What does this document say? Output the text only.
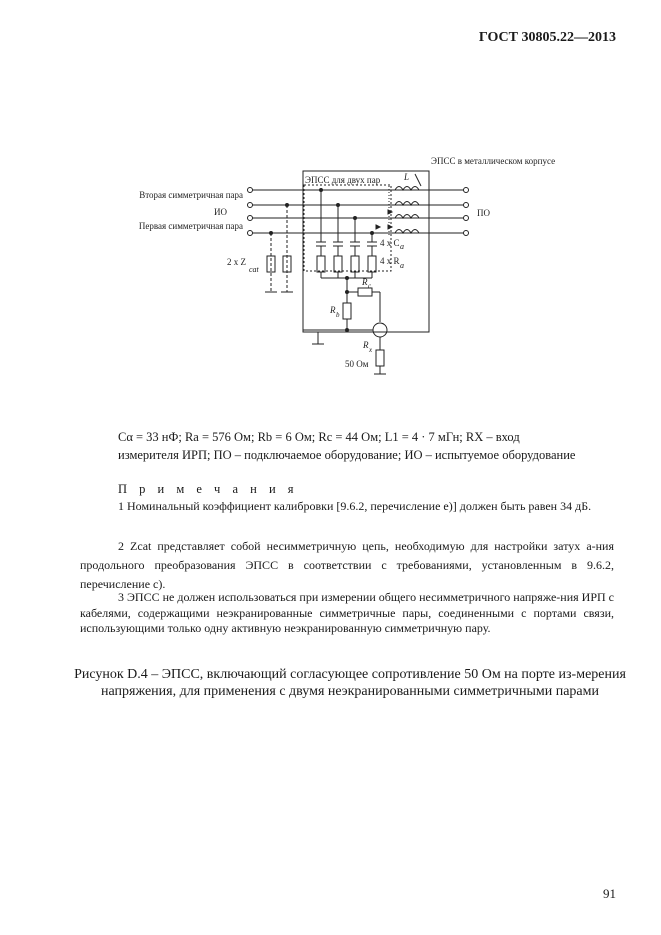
ГОСТ 30805.22—2013
ЭПСС в металлическом корпусе
ЭПСС для двух пар	L
Вторая симметричная пара
ИО
Первая симметричная пара
ПО
2 x Z
cat
4 x C a
4 x R a
R c
R b
R x
50 Ом
Cα = 33 нФ; Rа = 576 Ом; Rb = 6 Ом; Rc = 44 Ом; L1 = 4 · 7 мГн; RX – вход
измерителя ИРП; ПО – подключаемое оборудование; ИО – испытуемое оборудование
П р и м е ч а н и я
1 Номинальный коэффициент калибровки [9.6.2, перечисление е)] должен быть равен 34 дБ.
2 Zcat представляет собой несимметричную цепь, необходимую для настройки затух а-ния продольного преобразования ЭПСС в соответствии с требованиями, установленным в 9.6.2, перечисление с).
3 ЭПСС не должен использоваться при измерении общего несимметричного напряже-ния ИРП с кабелями, содержащими неэкранированные симметричные пары, соединенными с портами связи, использующими только одну активную неэкранированную симметричную пару.
Рисунок D.4 – ЭПСС, включающий согласующее сопротивление 50 Ом на порте из-мерения напряжения, для применения с двумя неэкранированными симметричными парами
91
